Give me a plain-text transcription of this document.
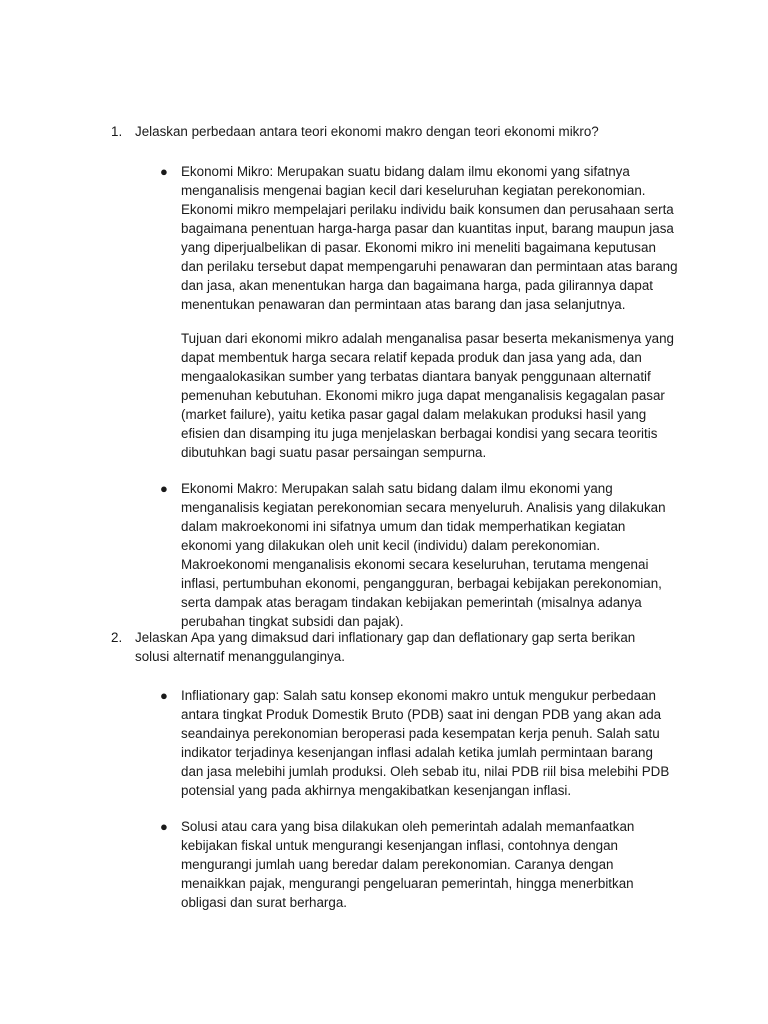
1. Jelaskan perbedaan antara teori ekonomi makro dengan teori ekonomi mikro?
● Ekonomi Mikro: Merupakan suatu bidang dalam ilmu ekonomi yang sifatnya menganalisis mengenai bagian kecil dari keseluruhan kegiatan perekonomian. Ekonomi mikro mempelajari perilaku individu baik konsumen dan perusahaan serta bagaimana penentuan harga-harga pasar dan kuantitas input, barang maupun jasa yang diperjualbelikan di pasar. Ekonomi mikro ini meneliti bagaimana keputusan dan perilaku tersebut dapat mempengaruhi penawaran dan permintaan atas barang dan jasa, akan menentukan harga dan bagaimana harga, pada gilirannya dapat menentukan penawaran dan permintaan atas barang dan jasa selanjutnya.
Tujuan dari ekonomi mikro adalah menganalisa pasar beserta mekanismenya yang dapat membentuk harga secara relatif kepada produk dan jasa yang ada, dan mengaalokasikan sumber yang terbatas diantara banyak penggunaan alternatif pemenuhan kebutuhan. Ekonomi mikro juga dapat menganalisis kegagalan pasar (market failure), yaitu ketika pasar gagal dalam melakukan produksi hasil yang efisien dan disamping itu juga menjelaskan berbagai kondisi yang secara teoritis dibutuhkan bagi suatu pasar persaingan sempurna.
● Ekonomi Makro: Merupakan salah satu bidang dalam ilmu ekonomi yang menganalisis kegiatan perekonomian secara menyeluruh. Analisis yang dilakukan dalam makroekonomi ini sifatnya umum dan tidak memperhatikan kegiatan ekonomi yang dilakukan oleh unit kecil (individu) dalam perekonomian. Makroekonomi menganalisis ekonomi secara keseluruhan, terutama mengenai inflasi, pertumbuhan ekonomi, pengangguran, berbagai kebijakan perekonomian, serta dampak atas beragam tindakan kebijakan pemerintah (misalnya adanya perubahan tingkat subsidi dan pajak).
2. Jelaskan Apa yang dimaksud dari inflationary gap dan deflationary gap serta berikan solusi alternatif menanggulanginya.
● Infliationary gap: Salah satu konsep ekonomi makro untuk mengukur perbedaan antara tingkat Produk Domestik Bruto (PDB) saat ini dengan PDB yang akan ada seandainya perekonomian beroperasi pada kesempatan kerja penuh. Salah satu indikator terjadinya kesenjangan inflasi adalah ketika jumlah permintaan barang dan jasa melebihi jumlah produksi. Oleh sebab itu, nilai PDB riil bisa melebihi PDB potensial yang pada akhirnya mengakibatkan kesenjangan inflasi.
● Solusi atau cara yang bisa dilakukan oleh pemerintah adalah memanfaatkan kebijakan fiskal untuk mengurangi kesenjangan inflasi, contohnya dengan mengurangi jumlah uang beredar dalam perekonomian. Caranya dengan menaikkan pajak, mengurangi pengeluaran pemerintah, hingga menerbitkan obligasi dan surat berharga.
